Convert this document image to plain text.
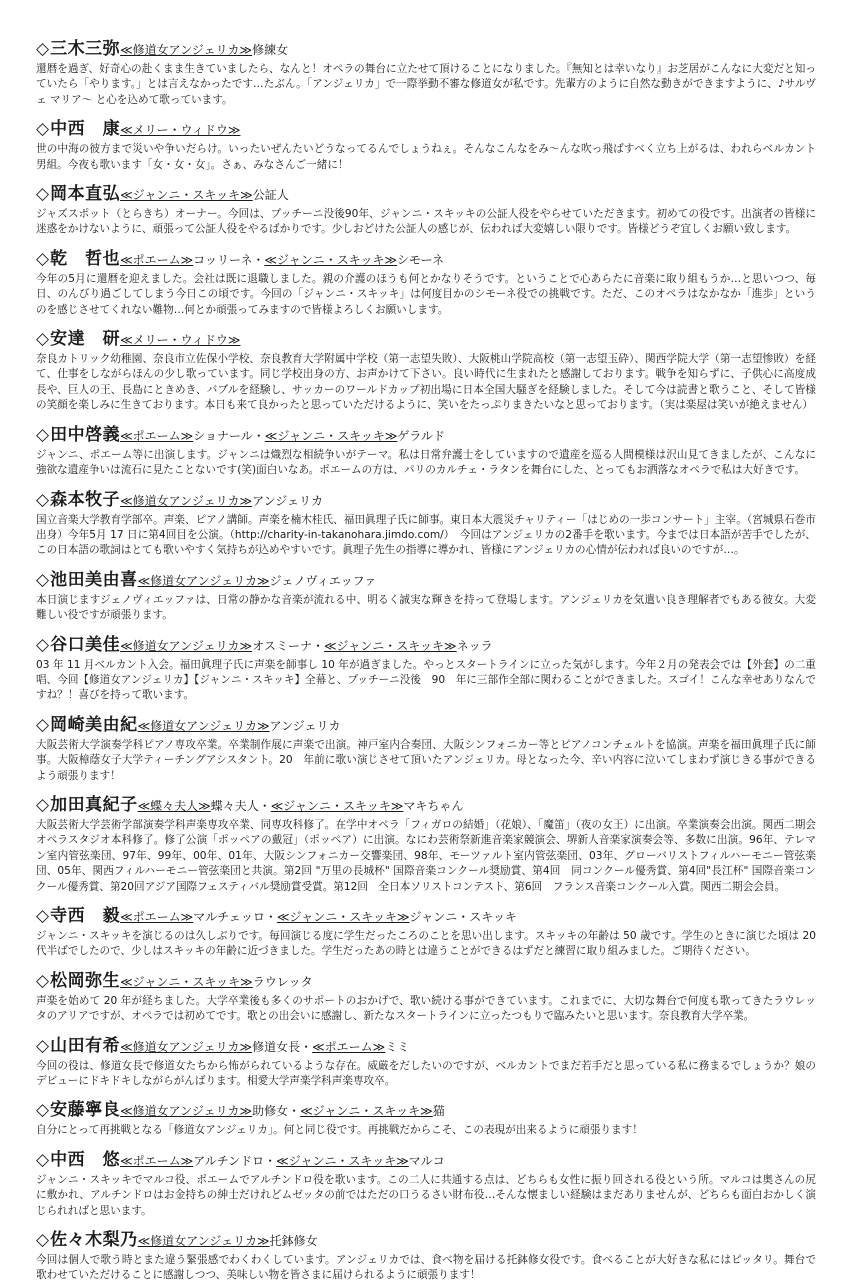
◇三木三弥≪修道女アンジェリカ≫修練女

還暦を過ぎ、好奇心の赴くまま生きていましたら、なんと！オペラの舞台に立たせて頂けることになりました。『無知とは幸いなり』お芝居がこんなに大変だと知っていたら「やります。」とは言えなかったです…たぶん。「アンジェリカ」で一際挙動不審な修道女が私です。先輩方のように自然な動きができますように、♪サルヴェ マリア～ と心を込めて歌っています。

◇中西　康≪メリー・ウィドウ≫

世の中海の彼方まで災いや争いだらけ。いったいぜんたいどうなってるんでしょうねぇ。そんなこんなをみ～んな吹っ飛ばすべく立ち上がるは、われらベルカント男組。今夜も歌います「女・女・女」。さぁ、みなさんご一緒に！

◇岡本直弘≪ジャンニ・スキッキ≫公証人

ジャズスポット（とらきち）オーナー。今回は、プッチーニ没後90年、ジャンニ・スキッキの公証人役をやらせていただきます。初めての役です。出演者の皆様に迷惑をかけないように、頑張って公証人役をやるばかりです。少しおどけた公証人の感じが、伝われば大変嬉しい限りです。皆様どうぞ宜しくお願い致します。

◇乾　哲也≪ポエーム≫コッリーネ・≪ジャンニ・スキッキ≫シモーネ

今年の5月に還暦を迎えました。会社は既に退職しました。親の介護のほうも何とかなりそうです。ということで心あらたに音楽に取り組もうか…と思いつつ、毎日、のんびり過ごしてしまう今日この頃です。今回の「ジャンニ・スキッキ」は何度目かのシモーネ役での挑戦です。ただ、このオペラはなかなか「進歩」というのを感じさせてくれない難物…何とか頑張ってみますので皆様よろしくお願いします。

◇安達　研≪メリー・ウィドウ≫

奈良カトリック幼稚園、奈良市立佐保小学校、奈良教育大学附属中学校（第一志望失敗）、大阪桃山学院高校（第一志望玉砕）、関西学院大学（第一志望惨敗）を経て、仕事をしながらほんの少し歌っています。同じ学校出身の方、お声かけて下さい。良い時代に生まれたと感謝しております。戦争を知らずに、子供心に高度成長や、巨人の王、長島にときめき、バブルを経験し、サッカーのワールドカップ初出場に日本全国大騒ぎを経験しました。そして今は読書と歌うこと、そして皆様の笑顔を楽しみに生きております。本日も来て良かったと思っていただけるように、笑いをたっぷりまきたいなと思っております。（実は楽屋は笑いが絶えません）

◇田中啓義≪ポエーム≫ショナール・≪ジャンニ・スキッキ≫ゲラルド

ジャンニ、ポエーム等に出演します。ジャンニは熾烈な相続争いがテーマ。私は日常弁護士をしていますので遺産を巡る人間模様は沢山見てきましたが、こんなに強欲な遺産争いは流石に見たことないです(笑)面白いなあ。ポエームの方は、パリのカルチェ・ラタンを舞台にした、とってもお洒落なオペラで私は大好きです。

◇森本牧子≪修道女アンジェリカ≫アンジェリカ

国立音楽大学教育学部卒。声楽、ピアノ講師。声楽を楠木桂氏、福田眞理子氏に師事。東日本大震災チャリティー「はじめの一歩コンサート」主宰。（宮城県石巻市出身）今年5月 17 日に第4回目を公演。（http://charity-in-takanohara.jimdo.com/）　今回はアンジェリカの2番手を歌います。今までは日本語が苦手でしたが、この日本語の歌詞はとても歌いやすく気持ちが込めやすいです。眞理子先生の指導に導かれ、皆様にアンジェリカの心情が伝われば良いのですが…。

◇池田美由喜≪修道女アンジェリカ≫ジェノヴィエッファ

本日演じますジェノヴィエッファは、日常の静かな音楽が流れる中、明るく誠実な輝きを持って登場します。アンジェリカを気遣い良き理解者でもある彼女。大変難しい役ですが頑張ります。

◇谷口美佳≪修道女アンジェリカ≫オスミーナ・≪ジャンニ・スキッキ≫ネッラ

03 年 11 月ベルカント入会。福田眞理子氏に声楽を師事し 10 年が過ぎました。やっとスタートラインに立った気がします。今年２月の発表会では【外套】の二重唱、今回【修道女アンジェリカ】【ジャンニ・スキッキ】全幕と、プッチーニ没後　90　年に三部作全部に関わることができました。スゴイ！こんな幸せありなんですね？！喜びを持って歌います。

◇岡崎美由紀≪修道女アンジェリカ≫アンジェリカ

大阪芸術大学演奏学科ピアノ専攻卒業。卒業制作展に声楽で出演。神戸室内合奏団、大阪シンフォニカー等とピアノコンチェルトを協演。声楽を福田眞理子氏に師事。大阪樟蔭女子大学ティーチングアシスタント。20　年前に歌い演じさせて頂いたアンジェリカ。母となった今、辛い内容に泣いてしまわず演じきる事ができるよう頑張ります！

◇加田真紀子≪蝶々夫人≫蝶々夫人・≪ジャンニ・スキッキ≫マキちゃん

大阪芸術大学芸術学部演奏学科声楽専攻卒業、同専攻科修了。在学中オペラ「フィガロの結婚」（花娘）、「魔笛」（夜の女王）に出演。卒業演奏会出演。関西二期会オペラスタジオ本科修了。修了公演「ポッペアの戴冠」（ポッペア）に出演。なにわ芸術祭新進音楽家競演会、堺新人音楽家演奏会等、多数に出演。96年、テレマン室内管弦楽団、97年、99年、00年、01年、大阪シンフォニカー交響楽団、98年、モーツァルト室内管弦楽団、03年、グローバリストフィルハーモニー管弦楽団、05年、関西フィルハーモニー管弦楽団と共演。第2回 "万里の長城杯" 国際音楽コンクール奨励賞、第4回　同コンクール優秀賞、第4回"長江杯" 国際音楽コンクール優秀賞、第20回アジア国際フェスティバル奨励賞受賞。第12回　全日本ソリストコンテスト、第6回　フランス音楽コンクール入賞。関西二期会会員。

◇寺西　毅≪ポエーム≫マルチェッロ・≪ジャンニ・スキッキ≫ジャンニ・スキッキ

ジャンニ・スキッキを演じるのは久しぶりです。毎回演じる度に学生だったころのことを思い出します。スキッキの年齢は 50 歳です。学生のときに演じた頃は 20 代半ばでしたので、少しはスキッキの年齢に近づきました。学生だったあの時とは違うことができるはずだと練習に取り組みました。ご期待ください。

◇松岡弥生≪ジャンニ・スキッキ≫ラウレッタ

声楽を始めて 20 年が経ちました。大学卒業後も多くのサポートのおかげで、歌い続ける事ができています。これまでに、大切な舞台で何度も歌ってきたラウレッタのアリアですが、オペラでは初めてです。歌との出会いに感謝し、新たなスタートラインに立ったつもりで臨みたいと思います。奈良教育大学卒業。

◇山田有希≪修道女アンジェリカ≫修道女長・≪ポエーム≫ミミ

今回の役は、修道女長で修道女たちから怖がられているような存在。威厳をだしたいのですが、ベルカントでまだ若手だと思っている私に務まるでしょうか？娘のデビューにドキドキしながらがんばります。相愛大学声楽学科声楽専攻卒。

◇安藤寧良≪修道女アンジェリカ≫助修女・≪ジャンニ・スキッキ≫猫

自分にとって再挑戦となる「修道女アンジェリカ」。何と同じ役です。再挑戦だからこそ、この表現が出来るように頑張ります！

◇中西　悠≪ポエーム≫アルチンドロ・≪ジャンニ・スキッキ≫マルコ

ジャンニ・スキッキでマルコ役、ポエームでアルチンドロ役を歌います。この二人に共通する点は、どちらも女性に振り回される役という所。マルコは奥さんの尻に敷かれ、アルチンドロはお金持ちの紳士だけれどムゼッタの前ではただの口うるさい財布役…そんな懐ましい経験はまだありませんが、どちらも面白おかしく演じられればと思います。

◇佐々木梨乃≪修道女アンジェリカ≫托鉢修女

今回は個人で歌う時とまた違う緊張感でわくわくしています。アンジェリカでは、食べ物を届ける托鉢修女役です。食べることが大好きな私にはピッタリ。舞台で歌わせていただけることに感謝しつつ、美味しい物を皆さまに届けられるように頑張ります！
